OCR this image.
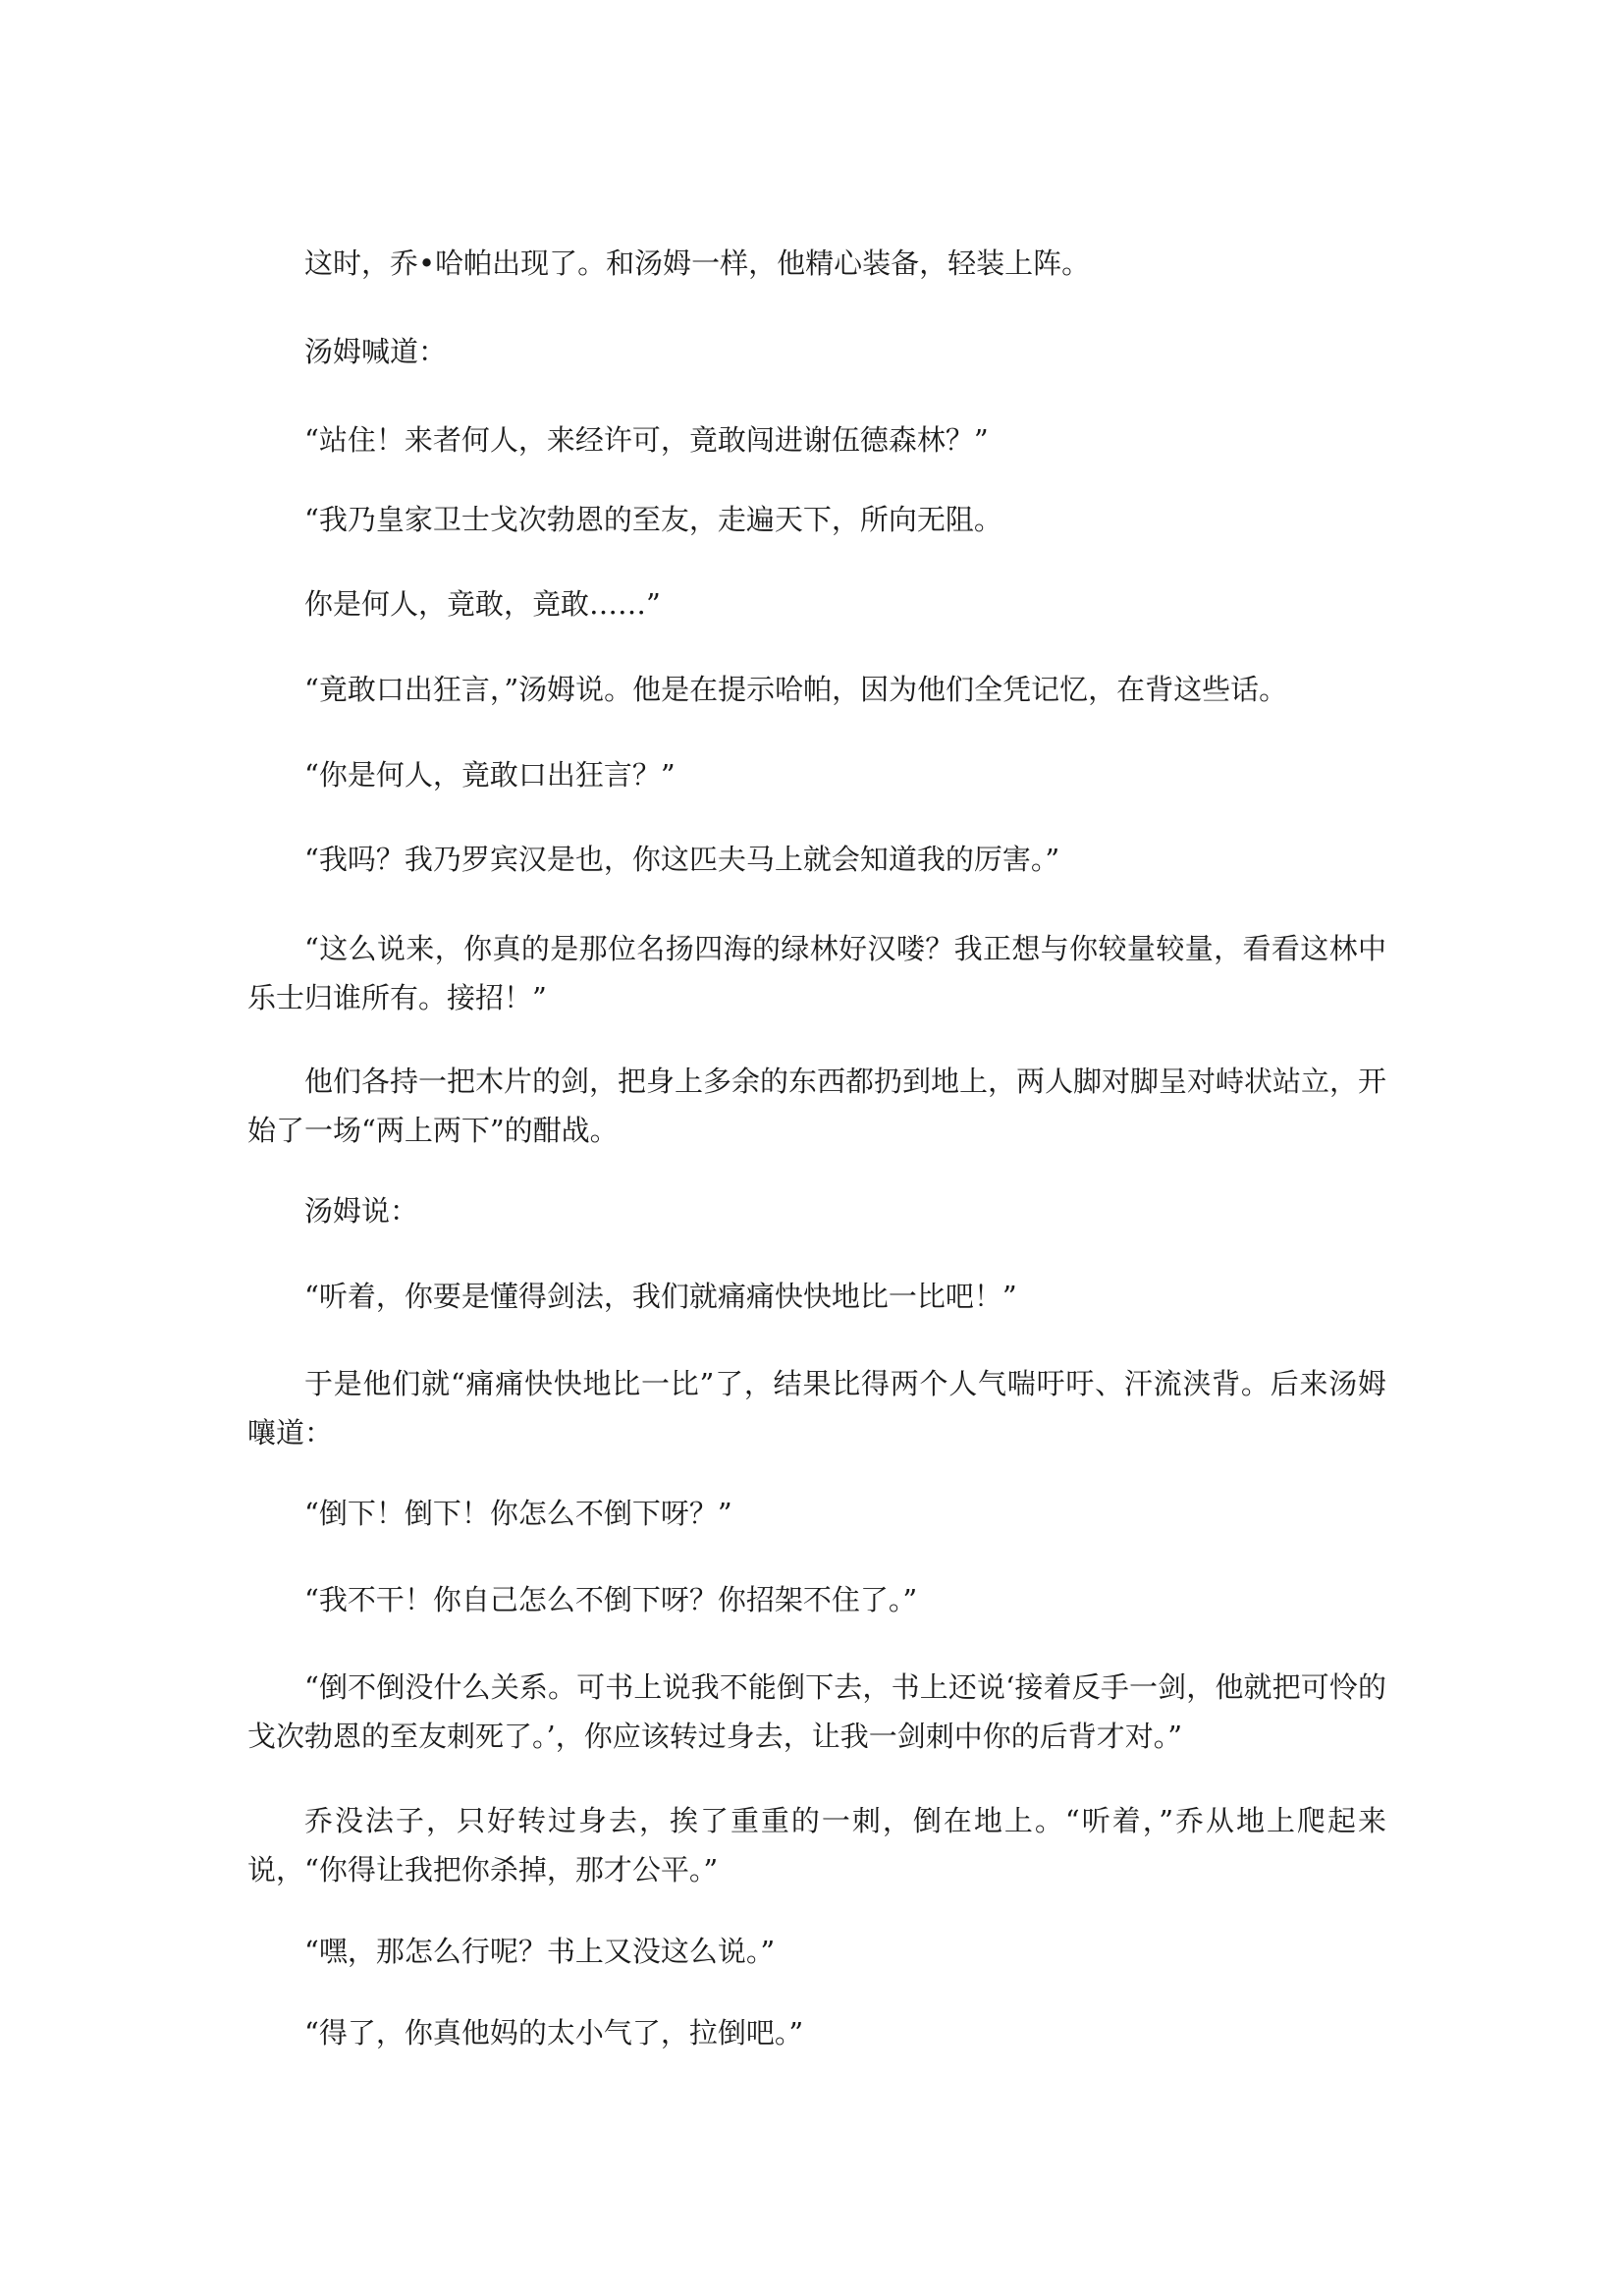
这时，乔•哈帕出现了。和汤姆一样，他精心装备，轻装上阵。

汤姆喊道：

“站住！来者何人，来经许可，竟敢闯进谢伍德森林？”

“我乃皇家卫士戈次勃恩的至友，走遍天下，所向无阻。

你是何人，竟敢，竟敢……”

“竟敢口出狂言，”汤姆说。他是在提示哈帕，因为他们全凭记忆，在背这些话。

“你是何人，竟敢口出狂言？”

“我吗？我乃罗宾汉是也，你这匹夫马上就会知道我的厉害。”

“这么说来，你真的是那位名扬四海的绿林好汉喽？我正想与你较量较量，看看这林中乐士归谁所有。接招！”

他们各持一把木片的剑，把身上多余的东西都扔到地上，两人脚对脚呈对峙状站立，开始了一场“两上两下”的酣战。

汤姆说：

“听着，你要是懂得剑法，我们就痛痛快快地比一比吧！”

于是他们就“痛痛快快地比一比”了，结果比得两个人气喘吁吁、汗流浃背。后来汤姆嚷道：

“倒下！倒下！你怎么不倒下呀？”

“我不干！你自己怎么不倒下呀？你招架不住了。”

“倒不倒没什么关系。可书上说我不能倒下去，书上还说‘接着反手一剑，他就把可怜的戈次勃恩的至友刺死了。’，你应该转过身去，让我一剑刺中你的后背才对。”

乔没法子，只好转过身去，挨了重重的一刺，倒在地上。“听着，”乔从地上爬起来 说，“你得让我把你杀掉，那才公平。”

“嘿，那怎么行呢？书上又没这么说。”

“得了，你真他妈的太小气了，拉倒吧。”
